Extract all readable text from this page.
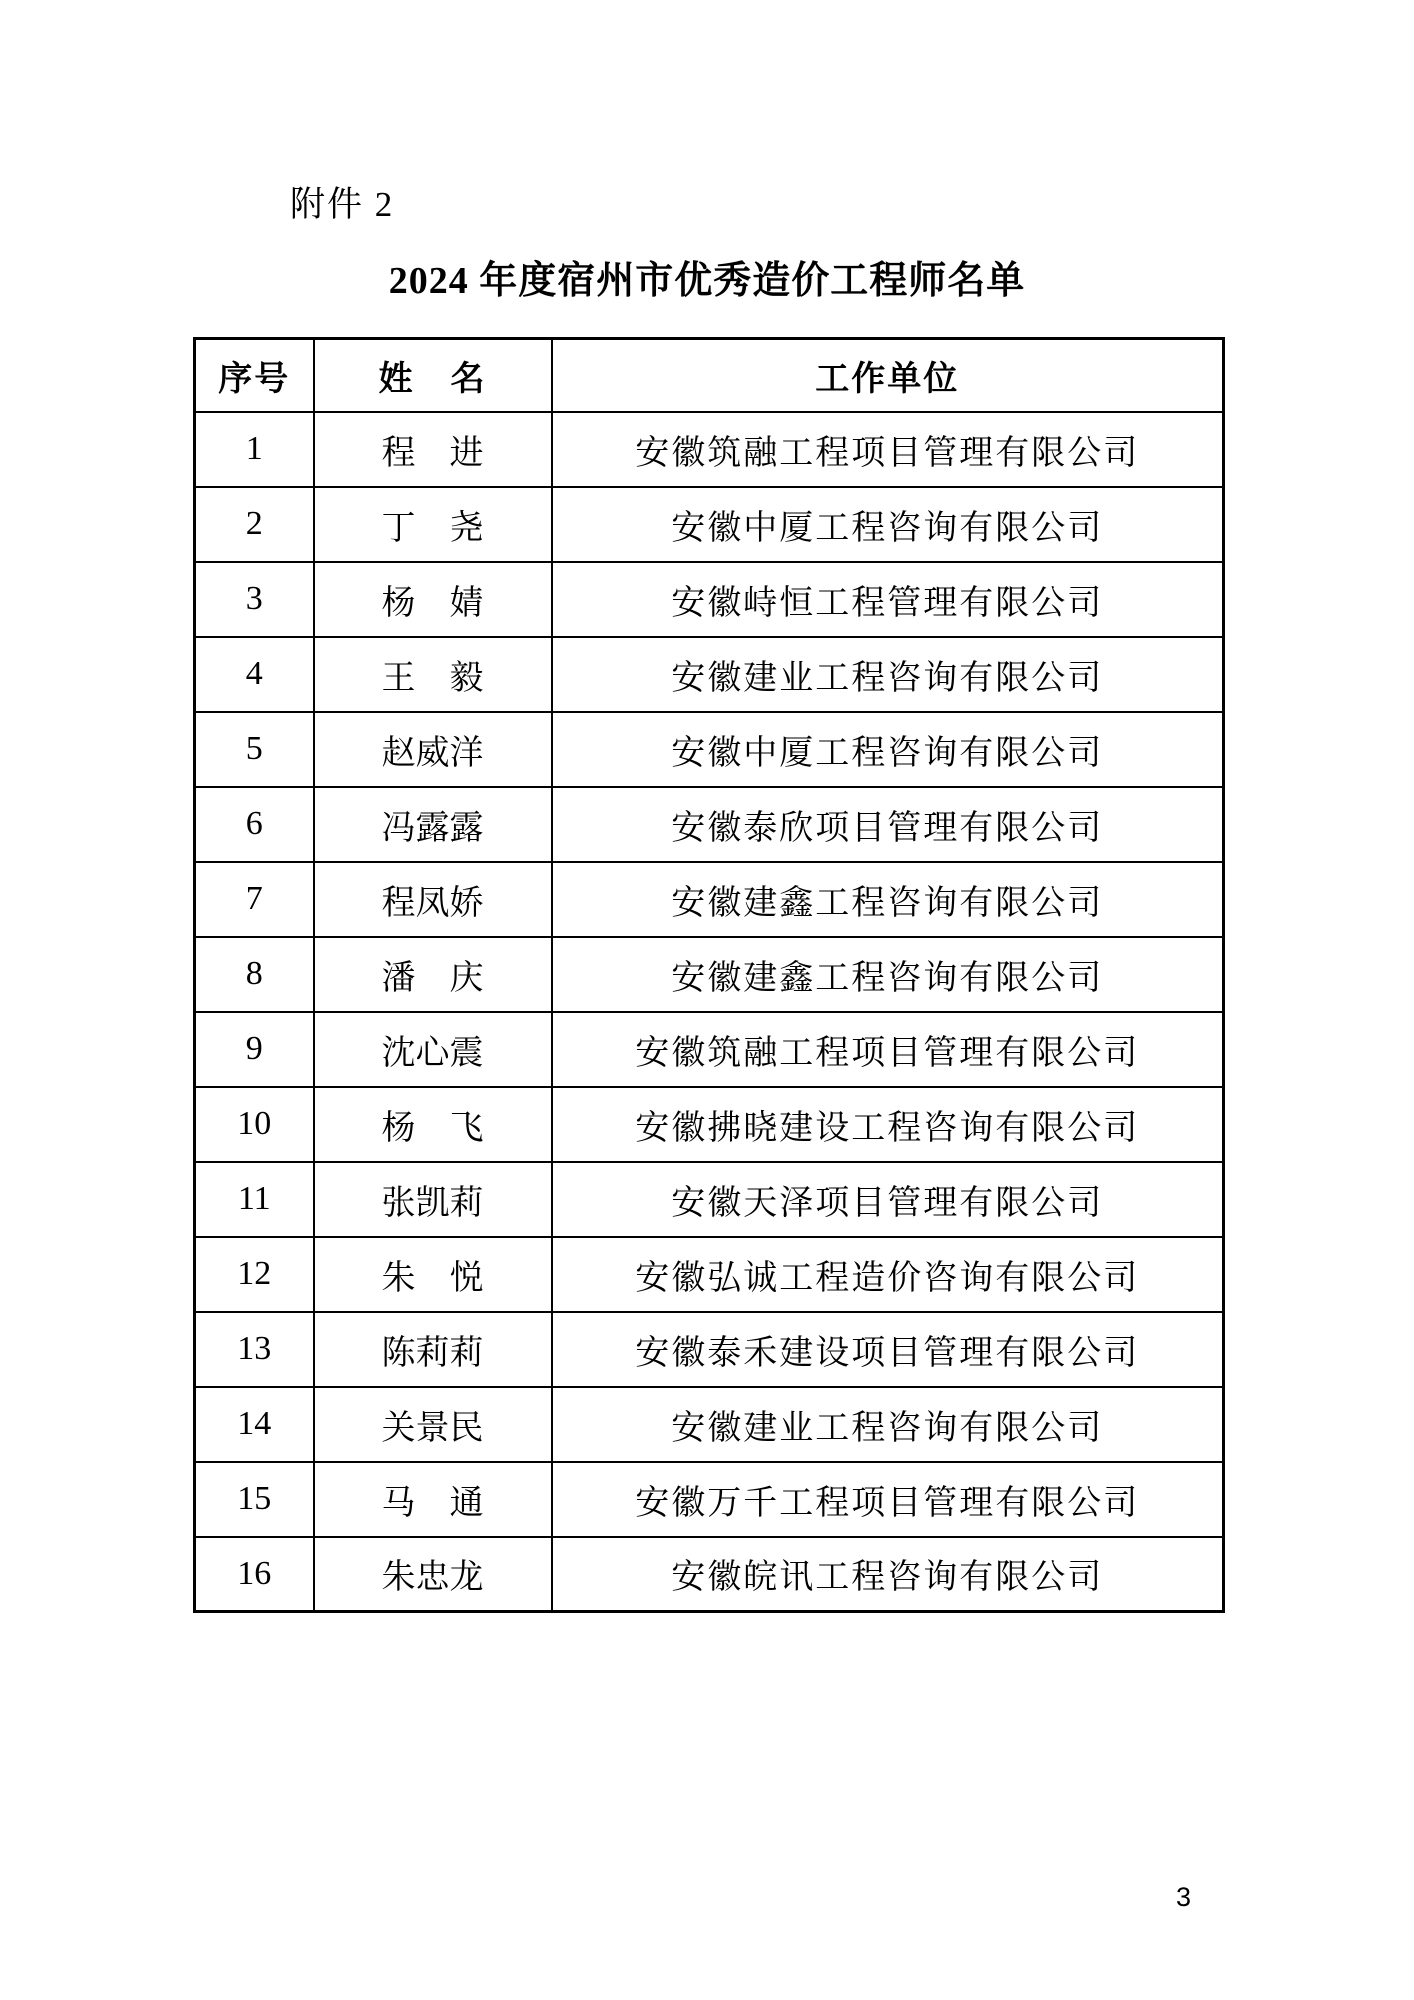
附件 2
2024 年度宿州市优秀造价工程师名单
序号	姓　名	工作单位
1	程　进	安徽筑融工程项目管理有限公司
2	丁　尧	安徽中厦工程咨询有限公司
3	杨　婧	安徽峙恒工程管理有限公司
4	王　毅	安徽建业工程咨询有限公司
5	赵威洋	安徽中厦工程咨询有限公司
6	冯露露	安徽泰欣项目管理有限公司
7	程凤娇	安徽建鑫工程咨询有限公司
8	潘　庆	安徽建鑫工程咨询有限公司
9	沈心震	安徽筑融工程项目管理有限公司
10	杨　飞	安徽拂晓建设工程咨询有限公司
11	张凯莉	安徽天泽项目管理有限公司
12	朱　悦	安徽弘诚工程造价咨询有限公司
13	陈莉莉	安徽泰禾建设项目管理有限公司
14	关景民	安徽建业工程咨询有限公司
15	马　通	安徽万千工程项目管理有限公司
16	朱忠龙	安徽皖讯工程咨询有限公司
3
